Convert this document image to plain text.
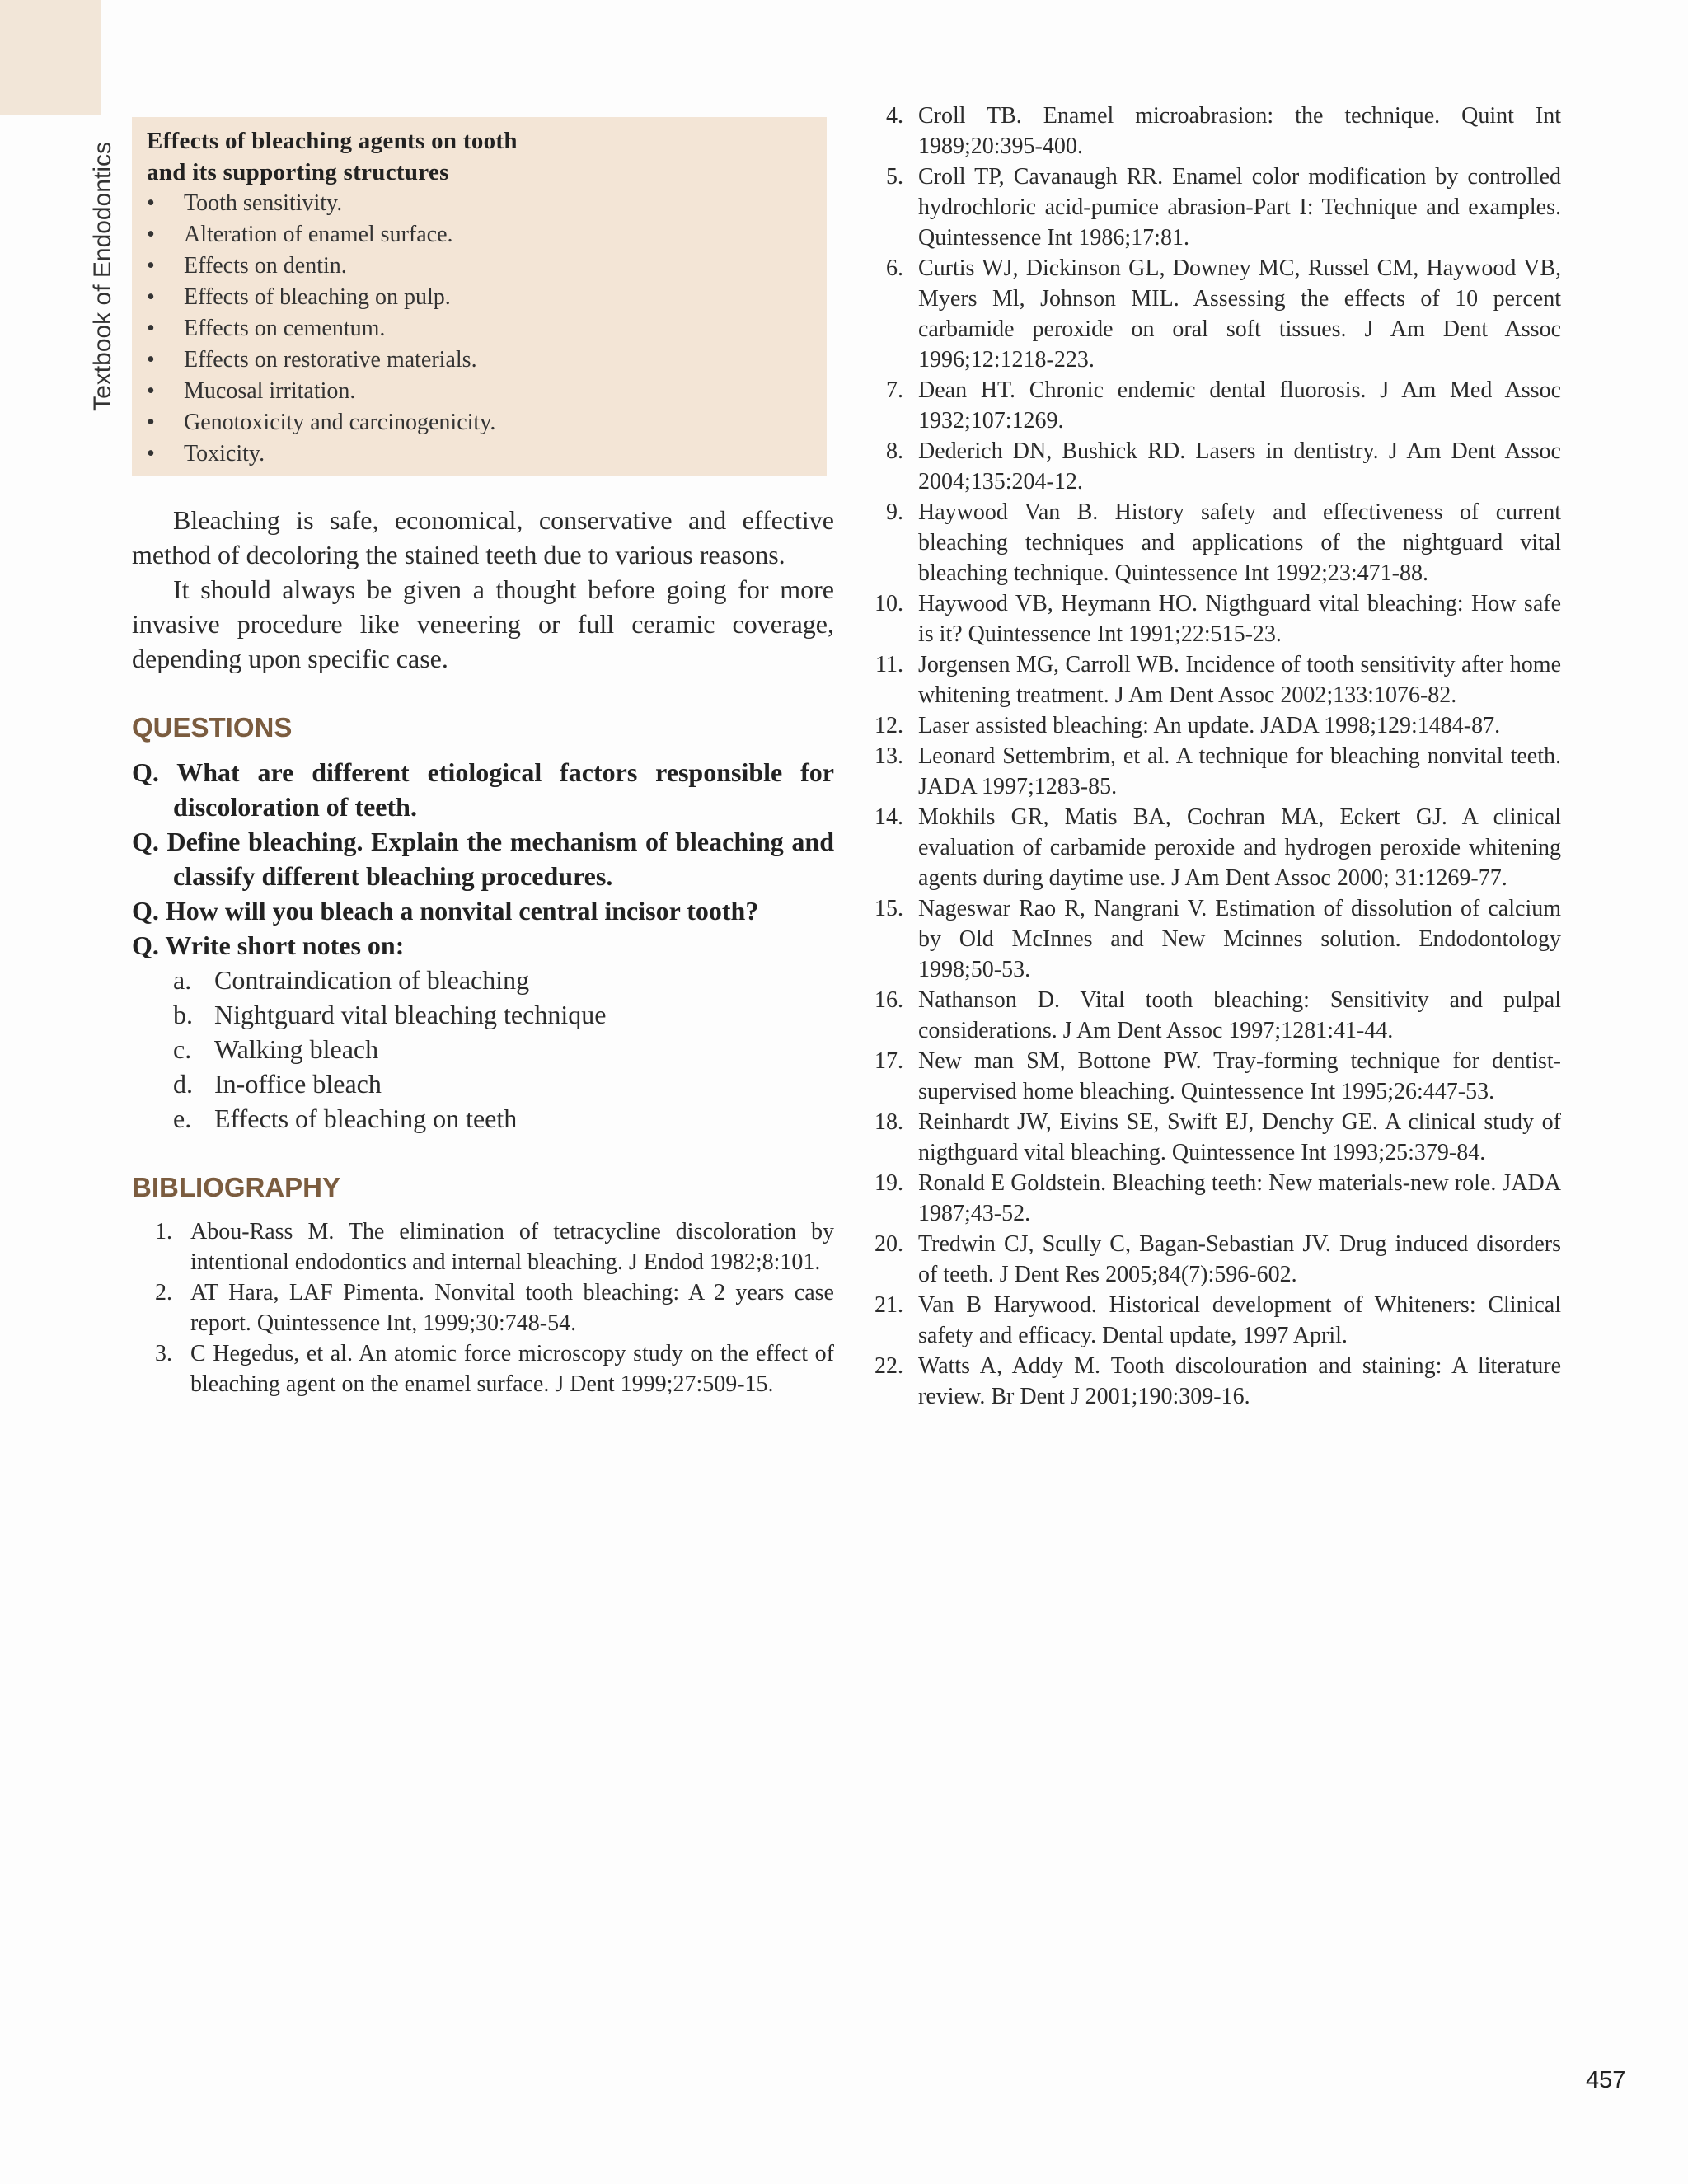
Textbook of Endodontics
Effects of bleaching agents on tooth
and its supporting structures
• Tooth sensitivity.
• Alteration of enamel surface.
• Effects on dentin.
• Effects of bleaching on pulp.
• Effects on cementum.
• Effects on restorative materials.
• Mucosal irritation.
• Genotoxicity and carcinogenicity.
• Toxicity.

Bleaching is safe, economical, conservative and effective method of decoloring the stained teeth due to various reasons.

It should always be given a thought before going for more invasive procedure like veneering or full ceramic coverage, depending upon specific case.

QUESTIONS
Q. What are different etiological factors responsible for discoloration of teeth.
Q. Define bleaching. Explain the mechanism of bleaching and classify different bleaching procedures.
Q. How will you bleach a nonvital central incisor tooth?
Q. Write short notes on:
a. Contraindication of bleaching
b. Nightguard vital bleaching technique
c. Walking bleach
d. In-office bleach
e. Effects of bleaching on teeth
BIBLIOGRAPHY
1. Abou-Rass M. The elimination of tetracycline discoloration by intentional endodontics and internal bleaching. J Endod 1982;8:101.
2. AT Hara, LAF Pimenta. Nonvital tooth bleaching: A 2 years case report. Quintessence Int, 1999;30:748-54.
3. C Hegedus, et al. An atomic force microscopy study on the effect of bleaching agent on the enamel surface. J Dent 1999;27:509-15.
4. Croll TB. Enamel microabrasion: the technique. Quint Int 1989;20:395-400.
5. Croll TP, Cavanaugh RR. Enamel color modification by controlled hydrochloric acid-pumice abrasion-Part I: Technique and examples. Quintessence Int 1986;17:81.
6. Curtis WJ, Dickinson GL, Downey MC, Russel CM, Haywood VB, Myers Ml, Johnson MIL. Assessing the effects of 10 percent carbamide peroxide on oral soft tissues. J Am Dent Assoc 1996;12:1218-223.
7. Dean HT. Chronic endemic dental fluorosis. J Am Med Assoc 1932;107:1269.
8. Dederich DN, Bushick RD. Lasers in dentistry. J Am Dent Assoc 2004;135:204-12.
9. Haywood Van B. History safety and effectiveness of current bleaching techniques and applications of the nightguard vital bleaching technique. Quintessence Int 1992;23:471-88.
10. Haywood VB, Heymann HO. Nigthguard vital bleaching: How safe is it? Quintessence Int 1991;22:515-23.
11. Jorgensen MG, Carroll WB. Incidence of tooth sensitivity after home whitening treatment. J Am Dent Assoc 2002;133:1076-82.
12. Laser assisted bleaching: An update. JADA 1998;129:1484-87.
13. Leonard Settembrim, et al. A technique for bleaching nonvital teeth. JADA 1997;1283-85.
14. Mokhils GR, Matis BA, Cochran MA, Eckert GJ. A clinical evaluation of carbamide peroxide and hydrogen peroxide whitening agents during daytime use. J Am Dent Assoc 2000; 31:1269-77.
15. Nageswar Rao R, Nangrani V. Estimation of dissolution of calcium by Old McInnes and New Mcinnes solution. Endodontology 1998;50-53.
16. Nathanson D. Vital tooth bleaching: Sensitivity and pulpal considerations. J Am Dent Assoc 1997;1281:41-44.
17. New man SM, Bottone PW. Tray-forming technique for dentist-supervised home bleaching. Quintessence Int 1995;26:447-53.
18. Reinhardt JW, Eivins SE, Swift EJ, Denchy GE. A clinical study of nigthguard vital bleaching. Quintessence Int 1993;25:379-84.
19. Ronald E Goldstein. Bleaching teeth: New materials-new role. JADA 1987;43-52.
20. Tredwin CJ, Scully C, Bagan-Sebastian JV. Drug induced disorders of teeth. J Dent Res 2005;84(7):596-602.
21. Van B Harywood. Historical development of Whiteners: Clinical safety and efficacy. Dental update, 1997 April.
22. Watts A, Addy M. Tooth discolouration and staining: A literature review. Br Dent J 2001;190:309-16.
457
